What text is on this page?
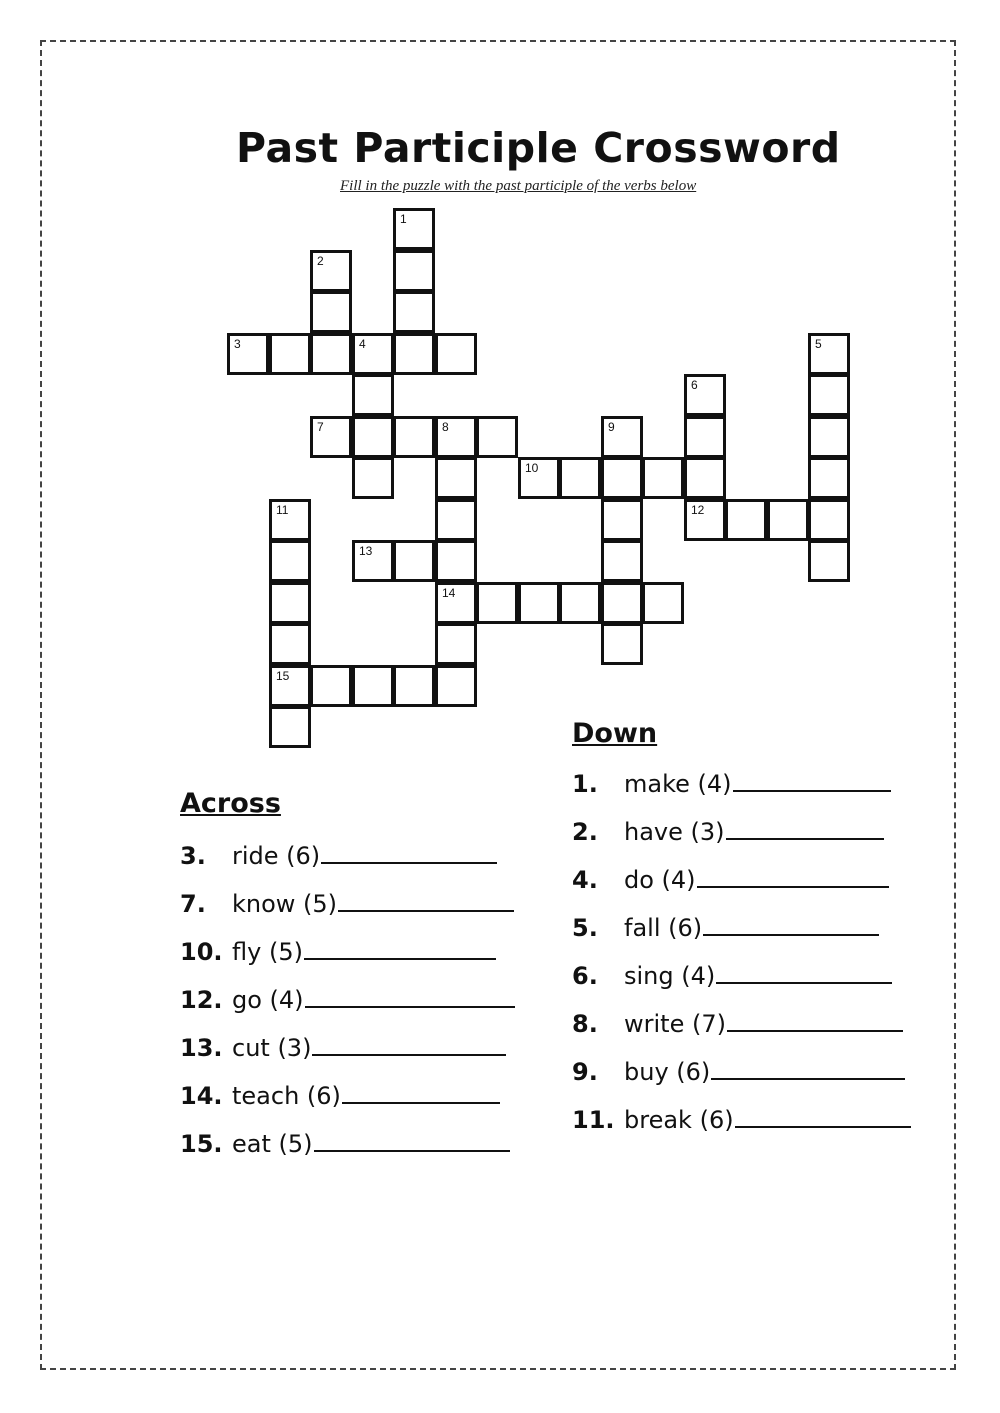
Past Participle Crossword
Fill in the puzzle with the past participle of the verbs below
3	4
7	8
10
12
13
14
15
1
2
5
6
9
11
Across
3. ride (6)
7. know (5)
10. fly (5)
12. go (4)
13. cut (3)
14. teach (6)
15. eat (5)
Down
1. make (4)
2. have (3)
4. do (4)
5. fall (6)
6. sing (4)
8. write (7)
9. buy (6)
11. break (6)
